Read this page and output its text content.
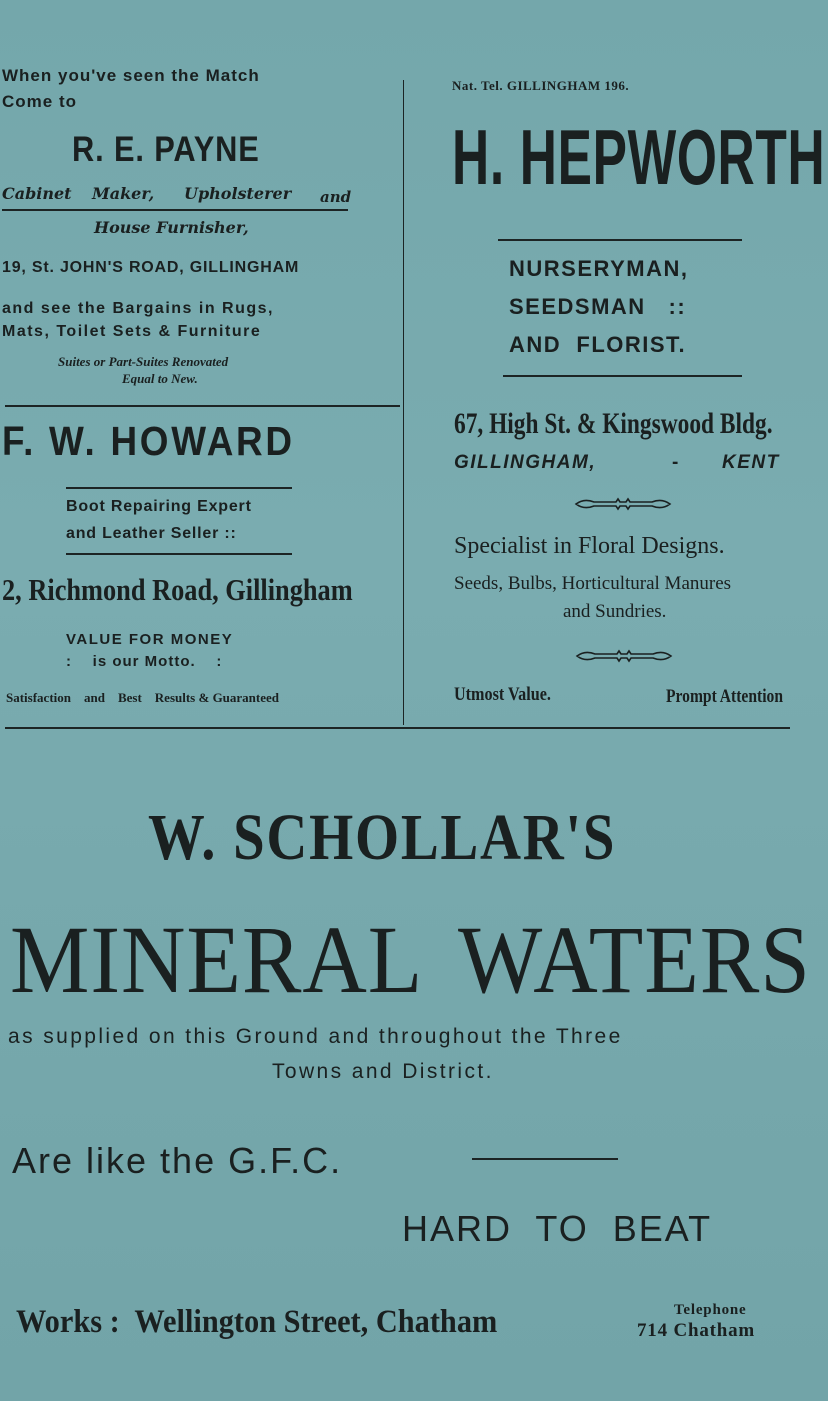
When you've seen the Match

Come to

R. E. PAYNE

Cabinet Maker, Upholsterer and

House Furnisher,

19, St. JOHN'S ROAD, GILLINGHAM

and see the Bargains in Rugs,

Mats, Toilet Sets & Furniture

Suites or Part-Suites Renovated

Equal to New.

F. W. HOWARD

Boot Repairing Expert

and Leather Seller ::

2, Richmond Road, Gillingham

VALUE FOR MONEY

:    is our Motto.    :

Satisfaction    and    Best    Results & Guaranteed

Nat. Tel. GILLINGHAM 196.

H. HEPWORTH

NURSERYMAN,

SEEDSMAN   ::

AND  FLORIST.

67, High St. & Kingswood Bldg.

GILLINGHAM,	- KENT

Specialist in Floral Designs.

Seeds, Bulbs, Horticultural Manures

and Sundries.

Utmost Value.	Prompt Attention

W. SCHOLLAR'S

MINERAL WATERS

as supplied on this Ground and throughout the Three

Towns and District.

Are like the G.F.C.

HARD  TO  BEAT

Works :  Wellington Street, Chatham	Telephone

714 Chatham
